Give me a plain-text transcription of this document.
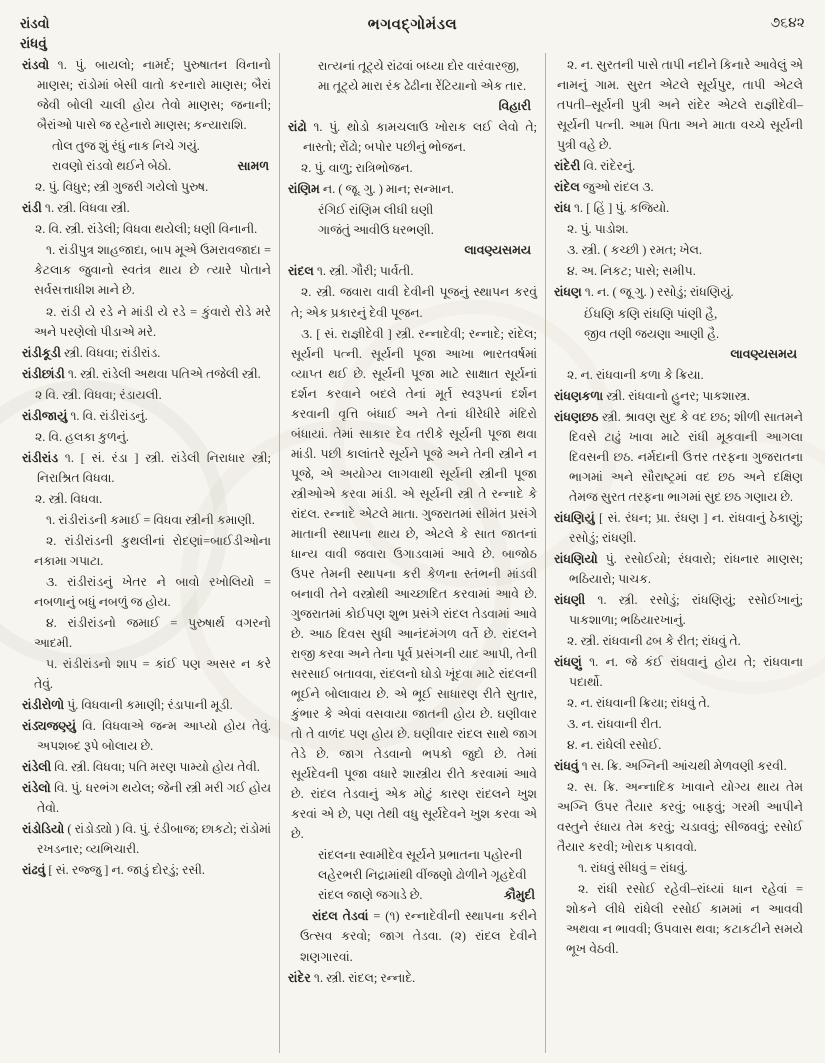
રાંડવો
રાંધવું
ભગવદ્ગોમંડલ	૭૬૪૨

રાંડવો ૧. પું. બાયલો; નામર્દ; પુરુષાતન વિનાનો માણસ; રાંડોમાં બેસી વાતો કરનારો માણસ; બૈરાં જેવી બોલી ચાલી હોય તેવો માણસ; જનાની; બૈરાંઓ પાસે જ રહેનારો માણસ; કન્યારાશિ.

તોલ તુજ શું રંધું નાક નિચે ગયું.
રાવણો રાંડવો થઈને બેઠો.	સામળ

૨. પું. વિધુર; સ્ત્રી ગુજરી ગયેલો પુરુષ.

રાંડી ૧. સ્ત્રી. વિધવા સ્ત્રી.

૨. વિ. સ્ત્રી. રાંડેલી; વિધવા થયેલી; ધણી વિનાની.

૧. રાંડીપુત્ર શાહજાદા, બાપ મૂએ ઉમરાવજાદા = કેટલાક જુવાનો સ્વતંત્ર થાય છે ત્યારે પોતાને સર્વસત્તાધીશ માને છે.

૨. રાંડી યે રડે ને માંડી યે રડે = કુંવારો રોડે મરે અને પરણેલો પીડાએ મરે.

રાંડીકૂડી સ્ત્રી. વિધવા; રાંડીરાંડ.

રાંડીછાંડી ૧. સ્ત્રી. રાંડેલી અથવા પતિએ તજેલી સ્ત્રી.

૨ વિ. સ્ત્રી. વિધવા; રંડાયલી.

રાંડીજાયું ૧. વિ. રાંડીરાંડનું.

૨. વિ. હલકા કુળનું.

રાંડીરાંડ ૧. [ સં. રંડા ] સ્ત્રી. રાંડેલી નિરાધાર સ્ત્રી; નિરાશ્રિત વિધવા.

૨. સ્ત્રી. વિધવા.

૧. રાંડીરાંડની કમાઈ = વિધવા સ્ત્રીની કમાણી.

૨. રાંડીરાંડની કુથલીનાં રોદણાં=બાઈડીઓના નકામા ગપાટા.

૩. રાંડીરાંડનું ખેતર ને બાવો રખોલિયો = નબળાનું બધું નબળું જ હોય.

૪. રાંડીરાંડનો જમાઈ = પુરુષાર્થ વગરનો આદમી.

૫. રાંડીરાંડનો શાપ = કાંઈ પણ અસર ન કરે તેવું.

રાંડીરોળો પું. વિધવાની કમાણી; રંડાપાની મૂડી.

રાંડ્યજણ્યું વિ. વિધવાએ જન્મ આપ્યો હોય તેવું. અપશબ્દ રૂપે બોલાય છે.

રાંડેલી વિ. સ્ત્રી. વિધવા; પતિ મરણ પામ્યો હોય તેવી.

રાંડેલો વિ. પું. ધરભંગ થયેલ; જેની સ્ત્રી મરી ગઈ હોય તેવો.

રાંડોડિયો ( રાંડોડ્યો ) વિ. પું. રંડીબાજ; છાકટો; રાંડોમાં રખડનાર; વ્યભિચારી.

રાંઢવું [ સં. રજ્જુ ] ન. જાડું દોરડું; રસી.

રાત્યનાં તૂટ્યે રાંઢવાં બધ્યા દોર વારંવારજી,
મા તૂટ્યે મારા રંક ઢેઢીના રેંટિયાનો એક તાર.
વિહારી

રાંઢો ૧. પું. થોડો કામચલાઉ ખોરાક લઈ લેવો તે; નાસ્તો; રોંઢો; બપોર પછીનું ભોજન.

૨. પું. વાળુ; રાત્રિભોજન.

રાંણિમ ન. ( જૂ. ગુ. ) માન; સન્માન.

રંગિઈ રાંણિમ લીધી ઘણી
ગાજંતું આવીઉ ધરભણી.
લાવણ્યસમય

રાંદલ ૧. સ્ત્રી. ગૌરી; પાર્વતી.

૨. સ્ત્રી. જવારા વાવી દેવીની પૂજનું સ્થાપન કરવું તે; એક પ્રકારનું દેવી પૂજન.

૩. [ સં. રાજ્ઞીદેવી ] સ્ત્રી. રન્નાદેવી; રન્નાદે; રાંદેલ; સૂર્યની પત્ની. સૂર્યની પૂજા આખા ભારતવર્ષમાં વ્યાપ્ત થઈ છે. સૂર્યની પૂજા માટે સાક્ષાત સૂર્યનાં દર્શન કરવાને બદલે તેનાં મૂર્ત સ્વરૂપનાં દર્શન કરવાની વૃત્તિ બંધાઈ અને તેનાં ધીરેધીરે મંદિરો બંધાયાં. તેમાં સાકાર દેવ તરીકે સૂર્યની પૂજા થવા માંડી. પછી કાલાંતરે સૂર્યને પૂજે અને તેની સ્ત્રીને ન પૂજે, એ અયોગ્ય લાગવાથી સૂર્યની સ્ત્રીની પૂજા સ્ત્રીઓએ કરવા માંડી. એ સૂર્યની સ્ત્રી તે રન્નાદે કે રાંદલ. રન્નાદે એટલે માતા. ગુજરાતમાં સીમંત પ્રસંગે માતાની સ્થાપના થાય છે, એટલે કે સાત જાતનાં ધાન્ય વાવી જવારા ઉગાડવામાં આવે છે. બાજોઠ ઉપર તેમની સ્થાપના કરી કેળના સ્તંભની માંડવી બનાવી તેને વસ્ત્રોથી આચ્છાદિત કરવામાં આવે છે. ગુજરાતમાં કોઈપણ શુભ પ્રસંગે રાંદલ તેડવામાં આવે છે. આઠ દિવસ સુધી આનંદમંગળ વર્તે છે. રાંદલને રાજી કરવા અને તેના પૂર્વ પ્રસંગની યાદ આપી, તેની સરસાઈ બતાવવા, રાંદલનો ઘોડો ખૂંદવા માટે રાંદલની ભૂઈને બોલાવાય છે. એ ભૂઈ સાધારણ રીતે સુતાર, કુંભાર કે એવાં વસવાયા જાતની હોય છે. ઘણીવાર તો તે વાળંદ પણ હોય છે. ઘણીવાર રાંદલ સાથે જાગ તેડે છે. જાગ તેડવાનો ભપકો જુદો છે. તેમાં સૂર્યદેવની પૂજા વધારે શાસ્ત્રીય રીતે કરવામાં આવે છે. રાંદલ તેડવાનું એક મોટું કારણ રાંદલને ખુશ કરવાં એ છે, પણ તેથી વધુ સૂર્યદેવને ખુશ કરવા એ છે.

રાંદલના સ્વામીદેવ સૂર્યને પ્રભાતના પહોરની
લહેરભરી નિદ્રામાંથી વીંજણો ઢોળીને ગૃહદેવી
રાંદલ જાણે જગાડે છે.	કૌમુદી

રાંદલ તેડવાં = (૧) રન્નાદેવીની સ્થાપના કરીને ઉત્સવ કરવો; જાગ તેડવા. (૨) રાંદલ દેવીને શણગારવાં.

રાંદેર ૧. સ્ત્રી. રાંદલ; રન્નાદે.

૨. ન. સુરતની પાસે તાપી નદીને કિનારે આવેલું એ નામનું ગામ. સુરત એટલે સૂર્યપુર, તાપી એટલે તપતી–સૂર્યની પુત્રી અને રાંદેર એટલે રાજ્ઞીદેવી–સૂર્યની પત્ની. આમ પિતા અને માતા વચ્ચે સૂર્યની પુત્રી વહે છે.

રાંદેરી વિ. રાંદેરનું.

રાંદેલ જુઓ રાંદલ ૩.

રાંધ ૧. [ હિં ] પું. કજિયો.

૨. પું. પાડોશ.

૩. સ્ત્રી. ( કચ્છી ) રમત; ખેલ.

૪. અ. નિકટ; પાસે; સમીપ.

રાંધણ ૧. ન. ( જૂ ગુ. ) રસોડું; રાંધણિયું.

ઈંધણિ કણિ રાંધણિ પાંણી હૈ,
જીવ તણી જયણા આણી હૈ.
લાવણ્યસમય

૨. ન. રાંધવાની કળા કે ક્રિયા.

રાંધણકળા સ્ત્રી. રાંધવાનો હુનર; પાકશાસ્ત્ર.

રાંધણછઠ સ્ત્રી. શ્રાવણ સુદ કે વદ છઠ; શીળી સાતમને દિવસે ટાઢું ખાવા માટે રાંધી મૂકવાની આગલા દિવસની છઠ. નર્મદાની ઉત્તર તરફના ગુજરાતના ભાગમાં અને સૌરાષ્ટ્રમાં વદ છઠ અને દક્ષિણ તેમજ સુરત તરફના ભાગમાં સુદ છઠ ગણાય છે.

રાંધણિયું [ સં. રંધન; પ્રા. રંધણ ] ન. રાંધવાનું ઠેકાણું; રસોડું; રાંધણી.

રાંધણિયો પું. રસોઈયો; રંધવારો; રાંધનાર માણસ; ભઠિયારો; પાચક.

રાંધણી ૧. સ્ત્રી. રસોડું; રાંધણિયું; રસોઈખાનું; પાકશાળા; ભઠિયારખાનું.

૨. સ્ત્રી. રાંધવાની ઢબ કે રીત; રાંધવું તે.

રાંધણું ૧. ન. જે કંઈ રાંધવાનું હોય તે; રાંધવાના પદાર્થો.

૨. ન. રાંધવાની ક્રિયા; રાંધવું તે.

૩. ન. રાંધવાની રીત.

૪. ન. રાંધેલી રસોઈ.

રાંધવું ૧ સ. ક્રિ. અગ્નિની આંચથી મેળવણી કરવી.

૨. સ. ક્રિ. અન્નાદિક ખાવાને યોગ્ય થાય તેમ અગ્નિ ઉપર તૈયાર કરવું; બાફવું; ગરમી આપીને વસ્તુને રંધાય તેમ કરવું; ચડાવવું; સીજવવું; રસોઈ તૈયાર કરવી; ખોરાક પકાવવો.

૧. રાંધવું સીધવું = રાંધવું.

૨. રાંધી રસોઈ રહેવી–રાંધ્યાં ધાન રહેવાં = શોકને લીધે રાંધેલી રસોઈ કામમાં ન આવવી અથવા ન ભાવવી; ઉપવાસ થવા; કટાકટીને સમયે ભૂખ વેઠવી.
